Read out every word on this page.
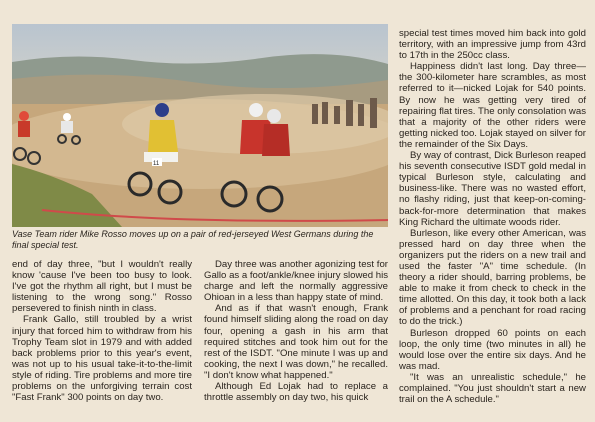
11

Vase Team rider Mike Rosso moves up on a pair of red-jerseyed West Germans during the final special test.

end of day three, "but I wouldn't really know 'cause I've been too busy to look. I've got the rhythm all right, but I must be listening to the wrong song." Rosso persevered to finish ninth in class.

Frank Gallo, still troubled by a wrist injury that forced him to withdraw from his Trophy Team slot in 1979 and with added back problems prior to this year's event, was not up to his usual take-it-to-the-limit style of riding. Tire problems and more tire problems on the unforgiving terrain cost "Fast Frank" 300 points on day two.

Day three was another agonizing test for Gallo as a foot/ankle/knee injury slowed his charge and left the normally aggressive Ohioan in a less than happy state of mind.

And as if that wasn't enough, Frank found himself sliding along the road on day four, opening a gash in his arm that required stitches and took him out for the rest of the ISDT. "One minute I was up and cooking, the next I was down," he recalled. "I don't know what happened."

Although Ed Lojak had to replace a throttle assembly on day two, his quick

special test times moved him back into gold territory, with an impressive jump from 43rd to 17th in the 250cc class.

Happiness didn't last long. Day three—the 300-kilometer hare scrambles, as most referred to it—nicked Lojak for 540 points. By now he was getting very tired of repairing flat tires. The only consolation was that a majority of the other riders were getting nicked too. Lojak stayed on silver for the remainder of the Six Days.

By way of contrast, Dick Burleson reaped his seventh consecutive ISDT gold medal in typical Burleson style, calculating and business-like. There was no wasted effort, no flashy riding, just that keep-on-coming-back-for-more determination that makes King Richard the ultimate woods rider.

Burleson, like every other American, was pressed hard on day three when the organizers put the riders on a new trail and used the faster "A" time schedule. (In theory a rider should, barring problems, be able to make it from check to check in the time allotted. On this day, it took both a lack of problems and a penchant for road racing to do the trick.)

Burleson dropped 60 points on each loop, the only time (two minutes in all) he would lose over the entire six days. And he was mad.

"It was an unrealistic schedule," he complained. "You just shouldn't start a new trail on the A schedule."
